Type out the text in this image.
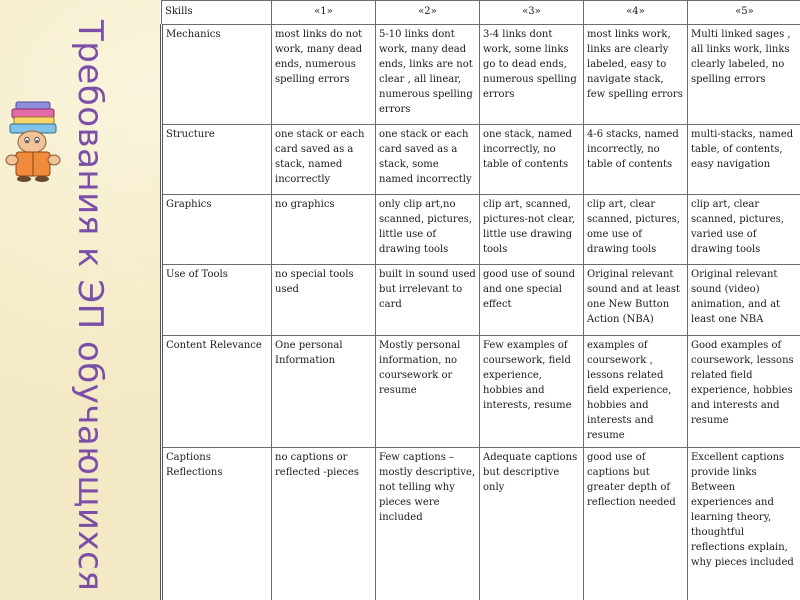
Требования к ЭП обучающихся
Skills	«1»	«2»	«3»	«4»	«5»
Mechanics	most links do not work, many dead ends, numerous spelling errors	5-10 links dont work, many dead ends, links are not clear , all linear, numerous spelling errors	3-4 links dont work, some links go to dead ends, numerous spelling errors	most links work, links are clearly labeled, easy to navigate stack, few spelling errors	Multi linked sages , all links work, links clearly labeled, no spelling errors
Structure	one stack or each card saved as a stack, named incorrectly	one stack or each card saved as a stack, some named incorrectly	one stack, named incorrectly, no table of contents	4-6 stacks, named incorrectly, no table of contents	multi-stacks, named table, of contents, easy navigation
Graphics	no graphics	only clip art,no scanned, pictures, little use of drawing tools	clip art, scanned, pictures-not clear, little use drawing tools	clip art, clear scanned, pictures, ome use of drawing tools	clip art, clear scanned, pictures, varied use of drawing tools
Use of Tools	no special tools used	built in sound used but irrelevant to card	good use of sound and one special effect	Original relevant sound and at least one New Button Action (NBA)	Original relevant sound (video) animation, and at least one NBA
Content Relevance	One personal Information	Mostly personal information, no coursework or resume	Few examples of coursework, field experience, hobbies and interests, resume	examples of coursework , lessons related field experience, hobbies and interests and resume	Good examples of coursework, lessons related field experience, hobbies and interests and resume
Captions Reflections	no captions or reflected -pieces	Few captions – mostly descriptive, not telling why pieces were included	Adequate captions but descriptive only	good use of captions but greater depth of reflection needed	Excellent captions provide links Between experiences and learning theory, thoughtful reflections explain, why pieces included
